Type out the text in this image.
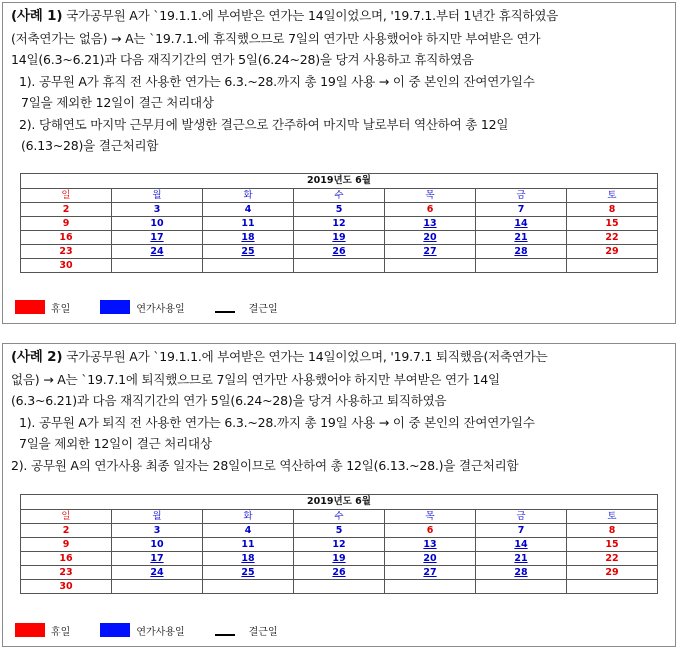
(사례 1) 국가공무원 A가 `19.1.1.에 부여받은 연가는 14일이었으며, '19.7.1.부터 1년간 휴직하였음
(저축연가는 없음) → A는 `19.7.1.에 휴직했으므로 7일의 연가만 사용했어야 하지만 부여받은 연가
14일(6.3~6.21)과 다음 재직기간의 연가 5일(6.24~28)을 당겨 사용하고 휴직하였음
1). 공무원 A가 휴직 전 사용한 연가는 6.3.~28.까지 총 19일 사용 → 이 중 본인의 잔여연가일수
7일을 제외한 12일이 결근 처리대상
2). 당해연도 마지막 근무月에 발생한 결근으로 간주하여 마지막 날로부터 역산하여 총 12일
(6.13~28)을 결근처리함
2019년도 6월						
일	월	화	수	목	금	토
2	3	4	5	6	7	8
9	10	11	12	13	14	15
16	17	18	19	20	21	22
23	24	25	26	27	28	29
30						
휴일	연가사용일	결근일
(사례 2) 국가공무원 A가 `19.1.1.에 부여받은 연가는 14일이었으며, '19.7.1 퇴직했음(저축연가는
없음) → A는 `19.7.1에 퇴직했으므로 7일의 연가만 사용했어야 하지만 부여받은 연가 14일
(6.3~6.21)과 다음 재직기간의 연가 5일(6.24~28)을 당겨 사용하고 퇴직하였음
1). 공무원 A가 퇴직 전 사용한 연가는 6.3.~28.까지 총 19일 사용 → 이 중 본인의 잔여연가일수
7일을 제외한 12일이 결근 처리대상
2). 공무원 A의 연가사용 최종 일자는 28일이므로 역산하여 총 12일(6.13.~28.)을 결근처리함
2019년도 6월						
일	월	화	수	목	금	토
2	3	4	5	6	7	8
9	10	11	12	13	14	15
16	17	18	19	20	21	22
23	24	25	26	27	28	29
30						
휴일	연가사용일	결근일
